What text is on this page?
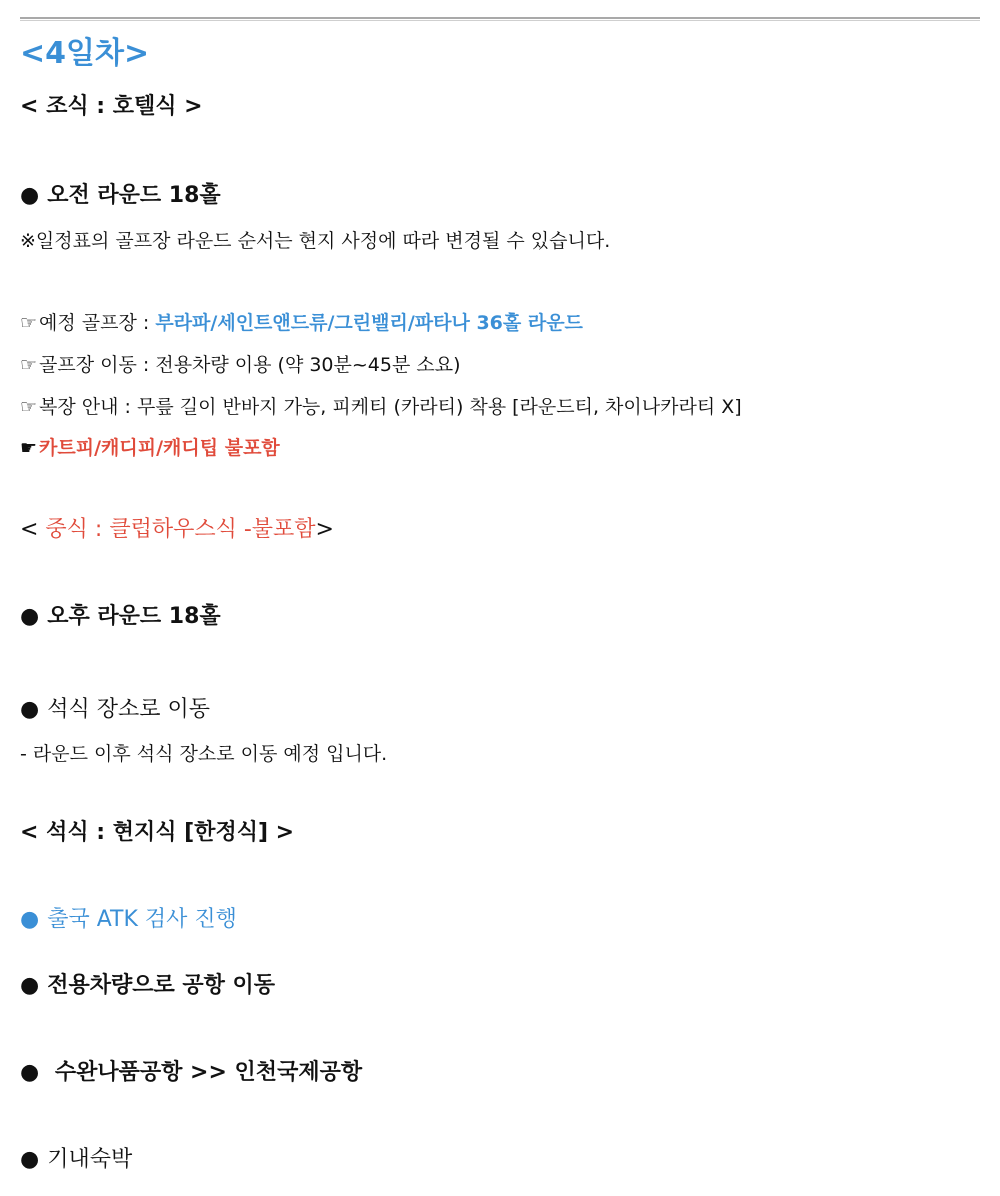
<4일차>
< 조식 : 호텔식 >
● 오전 라운드 18홀
※일정표의 골프장 라운드 순서는 현지 사정에 따라 변경될 수 있습니다.
☞ 예정 골프장 : 부라파/세인트앤드류/그린밸리/파타나 36홀 라운드
☞ 골프장 이동 : 전용차량 이용 (약 30분~45분 소요)
☞ 복장 안내 : 무릎 길이 반바지 가능, 피케티 (카라티) 착용 [라운드티, 차이나카라티 X]
☛ 카트피/캐디피/캐디팁 불포함
< 중식 : 클럽하우스식 -불포함>
● 오후 라운드 18홀
● 석식 장소로 이동
- 라운드 이후 석식 장소로 이동 예정 입니다.
< 석식 : 현지식 [한정식] >
● 출국 ATK 검사 진행
● 전용차량으로 공항 이동
● 수완나품공항 >> 인천국제공항
● 기내숙박
